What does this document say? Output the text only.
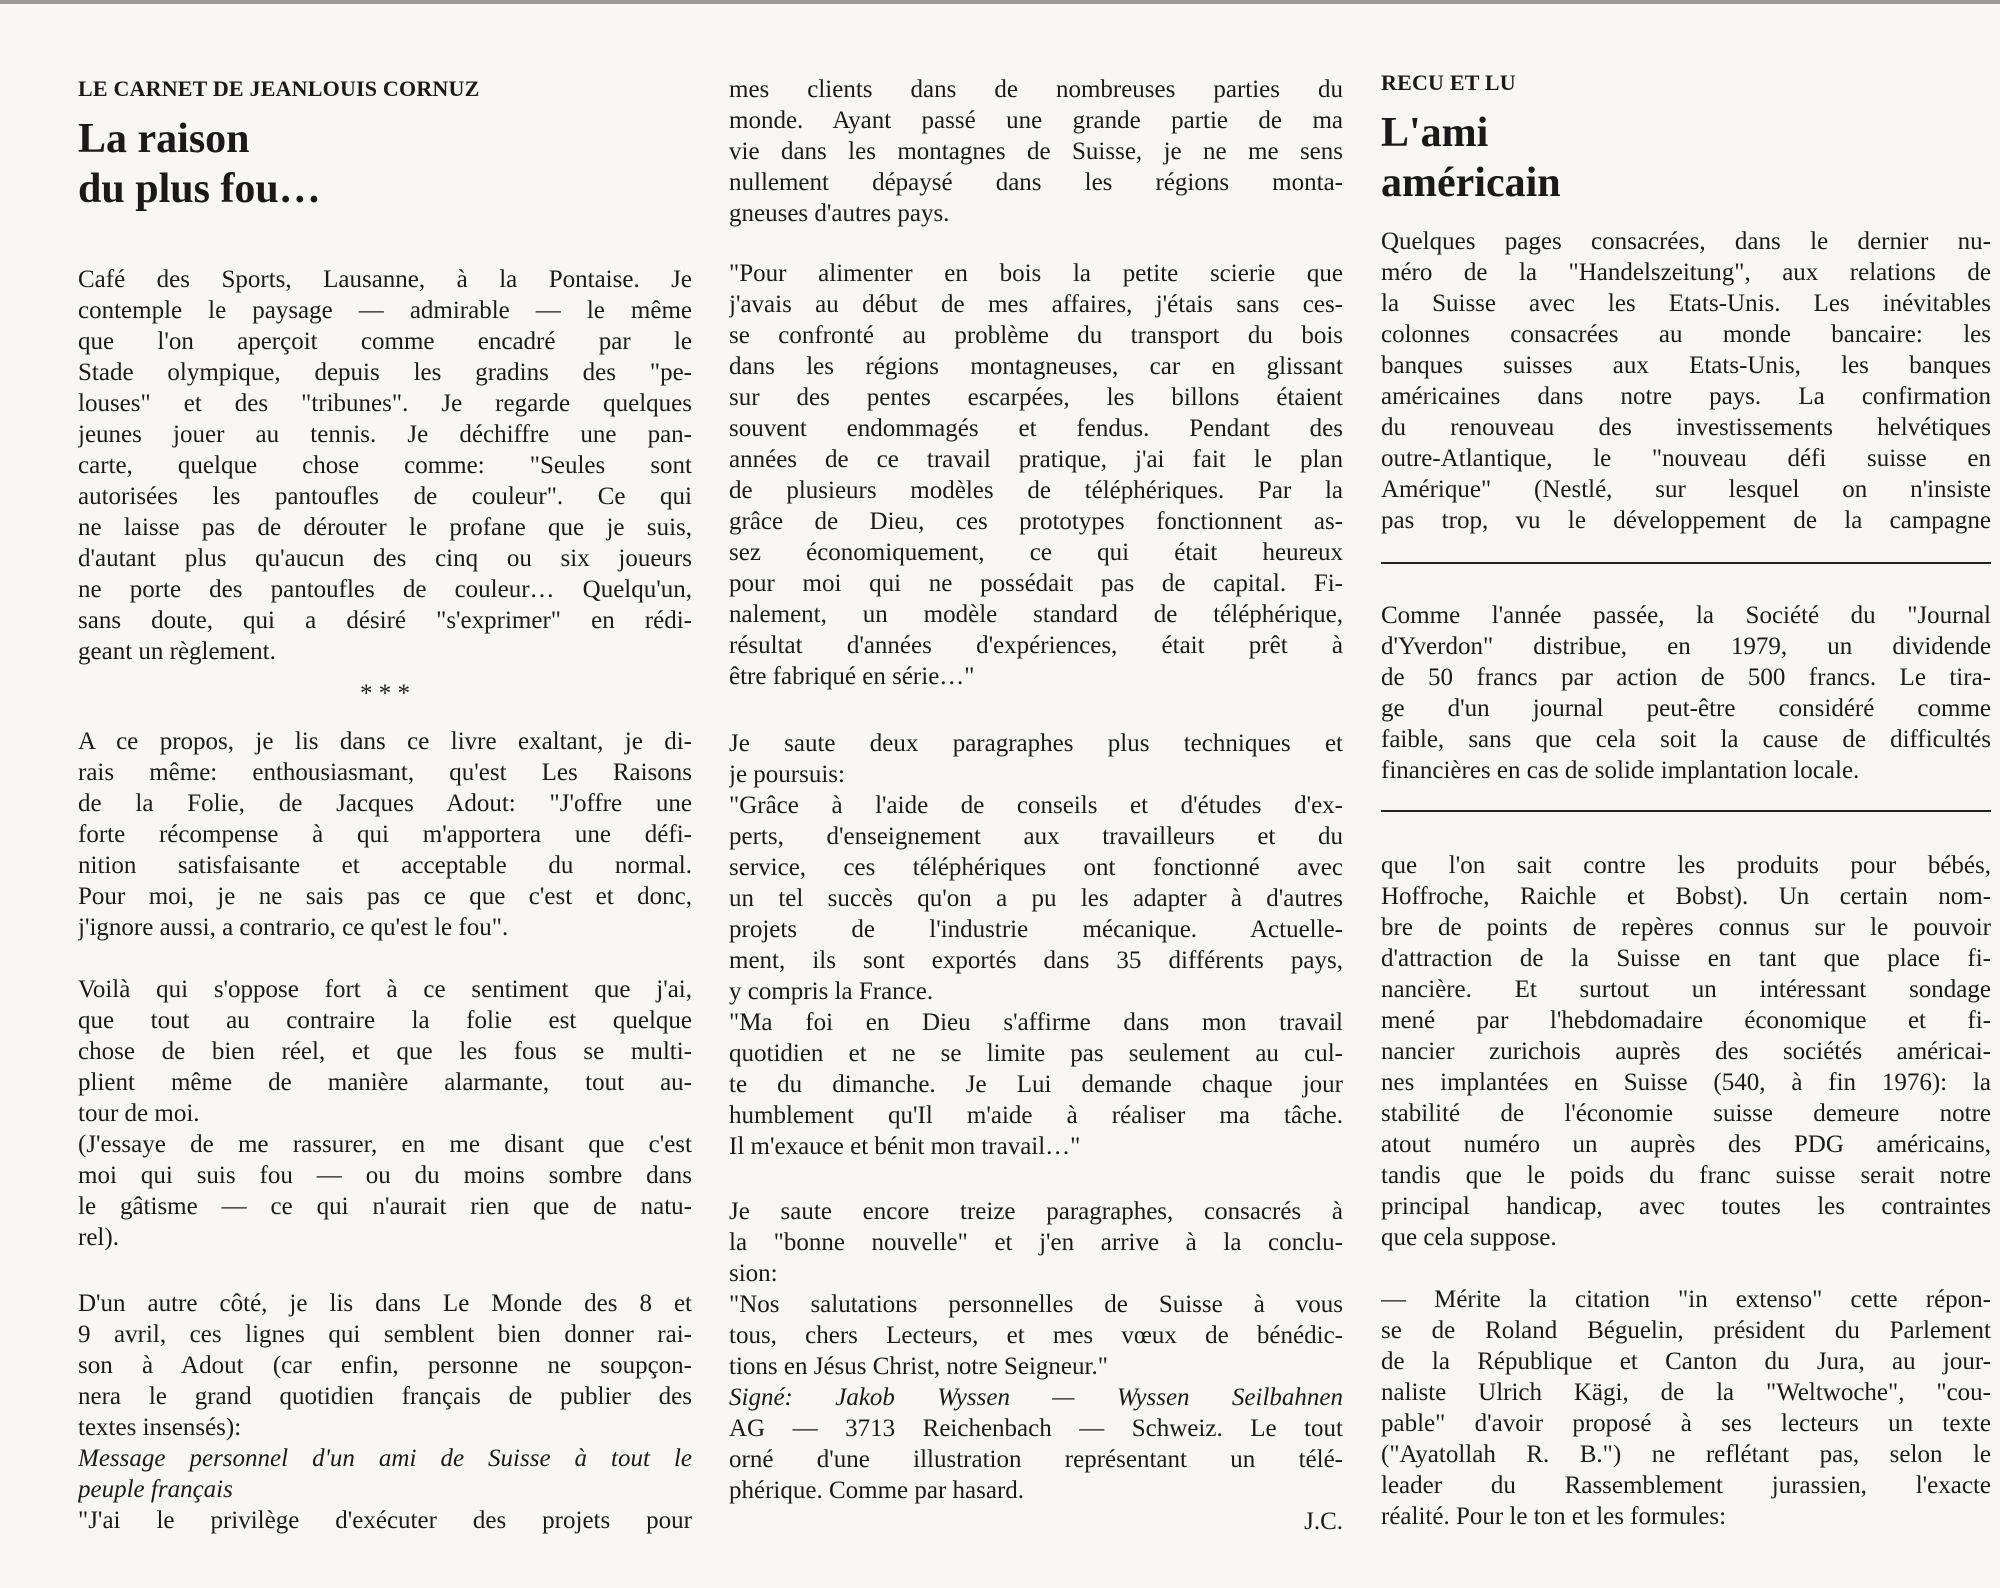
LE CARNET DE JEANLOUIS CORNUZ

La raison
du plus fou…
Café des Sports, Lausanne, à la Pontaise. Je
contemple le paysage — admirable — le même
que l'on aperçoit comme encadré par le
Stade olympique, depuis les gradins des "pe-
louses" et des "tribunes". Je regarde quelques
jeunes jouer au tennis. Je déchiffre une pan-
carte, quelque chose comme: "Seules sont
autorisées les pantoufles de couleur". Ce qui
ne laisse pas de dérouter le profane que je suis,
d'autant plus qu'aucun des cinq ou six joueurs
ne porte des pantoufles de couleur… Quelqu'un,
sans doute, qui a désiré "s'exprimer" en rédi-
geant un règlement.
* * *
A ce propos, je lis dans ce livre exaltant, je di-
rais même: enthousiasmant, qu'est Les Raisons
de la Folie, de Jacques Adout: "J'offre une
forte récompense à qui m'apportera une défi-
nition satisfaisante et acceptable du normal.
Pour moi, je ne sais pas ce que c'est et donc,
j'ignore aussi, a contrario, ce qu'est le fou".
Voilà qui s'oppose fort à ce sentiment que j'ai,
que tout au contraire la folie est quelque
chose de bien réel, et que les fous se multi-
plient même de manière alarmante, tout au-
tour de moi.
(J'essaye de me rassurer, en me disant que c'est
moi qui suis fou — ou du moins sombre dans
le gâtisme — ce qui n'aurait rien que de natu-
rel).
D'un autre côté, je lis dans Le Monde des 8 et
9 avril, ces lignes qui semblent bien donner rai-
son à Adout (car enfin, personne ne soupçon-
nera le grand quotidien français de publier des
textes insensés):
Message personnel d'un ami de Suisse à tout le
peuple français
"J'ai le privilège d'exécuter des projets pour
mes clients dans de nombreuses parties du
monde. Ayant passé une grande partie de ma
vie dans les montagnes de Suisse, je ne me sens
nullement dépaysé dans les régions monta-
gneuses d'autres pays.
"Pour alimenter en bois la petite scierie que
j'avais au début de mes affaires, j'étais sans ces-
se confronté au problème du transport du bois
dans les régions montagneuses, car en glissant
sur des pentes escarpées, les billons étaient
souvent endommagés et fendus. Pendant des
années de ce travail pratique, j'ai fait le plan
de plusieurs modèles de téléphériques. Par la
grâce de Dieu, ces prototypes fonctionnent as-
sez économiquement, ce qui était heureux
pour moi qui ne possédait pas de capital. Fi-
nalement, un modèle standard de téléphérique,
résultat d'années d'expériences, était prêt à
être fabriqué en série…"
Je saute deux paragraphes plus techniques et
je poursuis:
"Grâce à l'aide de conseils et d'études d'ex-
perts, d'enseignement aux travailleurs et du
service, ces téléphériques ont fonctionné avec
un tel succès qu'on a pu les adapter à d'autres
projets de l'industrie mécanique. Actuelle-
ment, ils sont exportés dans 35 différents pays,
y compris la France.
"Ma foi en Dieu s'affirme dans mon travail
quotidien et ne se limite pas seulement au cul-
te du dimanche. Je Lui demande chaque jour
humblement qu'Il m'aide à réaliser ma tâche.
Il m'exauce et bénit mon travail…"
Je saute encore treize paragraphes, consacrés à
la "bonne nouvelle" et j'en arrive à la conclu-
sion:
"Nos salutations personnelles de Suisse à vous
tous, chers Lecteurs, et mes vœux de bénédic-
tions en Jésus Christ, notre Seigneur."
Signé: Jakob Wyssen — Wyssen Seilbahnen
AG — 3713 Reichenbach — Schweiz. Le tout
orné d'une illustration représentant un télé-
phérique. Comme par hasard.
J.C.

RECU ET LU

L'ami
américain
Quelques pages consacrées, dans le dernier nu-
méro de la "Handelszeitung", aux relations de
la Suisse avec les Etats-Unis. Les inévitables
colonnes consacrées au monde bancaire: les
banques suisses aux Etats-Unis, les banques
américaines dans notre pays. La confirmation
du renouveau des investissements helvétiques
outre-Atlantique, le "nouveau défi suisse en
Amérique" (Nestlé, sur lesquel on n'insiste
pas trop, vu le développement de la campagne
Comme l'année passée, la Société du "Journal
d'Yverdon" distribue, en 1979, un dividende
de 50 francs par action de 500 francs. Le tira-
ge d'un journal peut-être considéré comme
faible, sans que cela soit la cause de difficultés
financières en cas de solide implantation locale.
que l'on sait contre les produits pour bébés,
Hoffroche, Raichle et Bobst). Un certain nom-
bre de points de repères connus sur le pouvoir
d'attraction de la Suisse en tant que place fi-
nancière. Et surtout un intéressant sondage
mené par l'hebdomadaire économique et fi-
nancier zurichois auprès des sociétés américai-
nes implantées en Suisse (540, à fin 1976): la
stabilité de l'économie suisse demeure notre
atout numéro un auprès des PDG américains,
tandis que le poids du franc suisse serait notre
principal handicap, avec toutes les contraintes
que cela suppose.
— Mérite la citation "in extenso" cette répon-
se de Roland Béguelin, président du Parlement
de la République et Canton du Jura, au jour-
naliste Ulrich Kägi, de la "Weltwoche", "cou-
pable" d'avoir proposé à ses lecteurs un texte
("Ayatollah R. B.") ne reflétant pas, selon le
leader du Rassemblement jurassien, l'exacte
réalité. Pour le ton et les formules:
